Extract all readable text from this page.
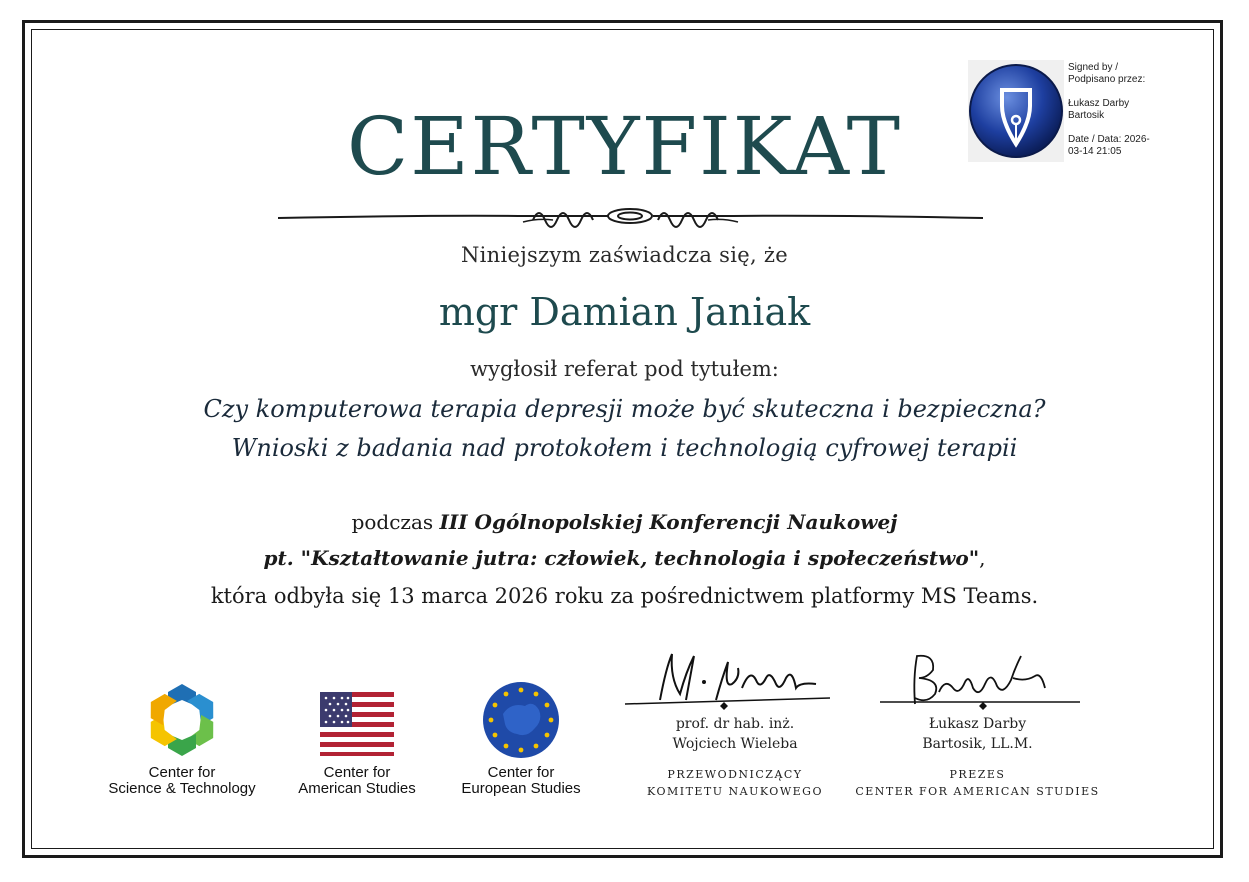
CERTYFIKAT
Niniejszym zaświadcza się, że
mgr Damian Janiak
wygłosił referat pod tytułem:
Czy komputerowa terapia depresji może być skuteczna i bezpieczna?
Wnioski z badania nad protokołem i technologią cyfrowej terapii
podczas III Ogólnopolskiej Konferencji Naukowej
pt. "Kształtowanie jutra: człowiek, technologia i społeczeństwo",
która odbyła się 13 marca 2026 roku za pośrednictwem platformy MS Teams.
Signed by /
Podpisano przez:
Łukasz Darby
Bartosik
Date / Data: 2026-
03-14 21:05
Center for
Science & Technology
Center for
American Studies
Center for
European Studies
prof. dr hab. inż.
Wojciech Wieleba
PRZEWODNICZĄCY
KOMITETU NAUKOWEGO
Łukasz Darby
Bartosik, LL.M.
PREZES
CENTER FOR AMERICAN STUDIES
